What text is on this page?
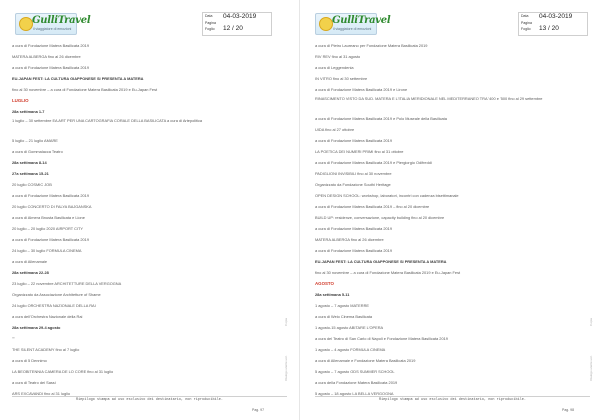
GulliTravel
il viaggiatore di emozioni
Data 04-03-2019
Pagina
Foglio 12 / 20
a cura di Fondazione Matera Basilicata 2019
MATERA ALBERGA fino al 26 dicembre
a cura di Fondazione Matera Basilicata 2019
EU-JAPAN FEST: LA CULTURA GIAPPONESE SI PRESENTA A MATERA
fino al 30 novembre – a cura di Fondazione Matera Basilicata 2019 e Eu-Japan Fest
LUGLIO
28a settimana 1-7
1 luglio – 30 settembre EA ART PER UNA CARTOGRAFIA CORALE DELLA BASILICATA a cura di Artepolitica
5 luglio – 21 luglio AMARE
a cura di Gommalacca Teatro
28a settimana 8-14
27a settimana 15-21
20 luglio COSMIC JOB
a cura di Fondazione Matera Basilicata 2019
20 luglio CONCERTO DI FALYA BAJGANSKA
a cura di Almera Bnusta Basilicata e Lione
20 luglio – 20 luglio 2020 AIRPORT CITY
a cura di Fondazione Matera Basilicata 2019
24 luglio – 30 luglio FORMULA CINEMA
a cura di Allenamaie
28a settimana 22-28
23 luglio – 22 novembre ARCHITETTURE DELLA VERGOGNA
Organizzato da Associazione Architetture of Shame
24 luglio ORCHESTRA NAZIONALE DELLA RAI
a cura dell'Orchestra Nazionale della Rai
28a settimana 29-4 agosto
""
THE SILENT ACADEMY fino al 7 luglio
a cura di 5 Dennimo
LA BEOBITENNIA CAMERA DE LO CORE fino al 31 luglio
a cura di Teatro dei Sassi
ARS EXCAVANDI fino al 31 luglio
Dialogo utente ucc.
Copia
Riepilogo stampa ad uso esclusivo dei destinatario, non riproducibile.
Pag. 97
GulliTravel
il viaggiatore di emozioni
Data 04-03-2019
Pagina
Foglio 13 / 20
a cura di Pietro Laureano per Fondazione Matera Basilicata 2019
RIV REV fino al 31 agosto
a cura di Leggendenia
IN VITRO fino al 30 settembre
a cura di Fondazione Matera Basilicata 2019 e Lirone
RINASCIMENTO VISTO DA SUD. MATERA E L'ITALIA MERIDIONALE NEL MEDITERRANEO TRA '400 e '500 fino al 29 settembre
a cura di Fondazione Matera Basilicata 2019 e Polo Museale della Basilicata
UIDA fino al 27 ottobre
a cura di Fondazione Matera Basilicata 2019
LA POETICA DEI NUMERI PRIMI fino al 31 ottobre
a cura di Fondazione Matera Basilicata 2019 e Piergiorgio Odifreddi
PADIGLIONI INVISIBILI fino al 30 novembre
Organizzato da Fondazione Southi Heritage
OPEN DESIGN SCHOOL: workshop, laboratori, incontri con cadenza bisettimanale
a cura di Fondazione Matera Basilicata 2019 – fino al 20 dicembre
BUILD UP: residenze, conversazione, capacity building fino al 20 dicembre
a cura di Fondazione Matera Basilicata 2019
MATERA ALBERGA fino al 26 dicembre
a cura di Fondazione Matera Basilicata 2019
EU-JAPAN FEST: LA CULTURA GIAPPONESE SI PRESENTA A MATERA
fino al 30 novembre – a cura di Fondazione Matera Basilicata 2019 e Eu-Japan Fest
AGOSTO
28a settimana 5-11
1 agosto – 7 agosto MATERRE
a cura di Weio Cinema Basilicata
1 agosto-15 agosto ABITARE L'OPERA
a cura del Teatro di San Carlo di Napoli e Fondazione Matera Basilicata 2019
1 agosto – 4 agosto FORMULA CINEMA
a cura di Allenamaie e Fondazione Matera Basilicata 2019
5 agosto – 7 agosto ODS SUMMER SCHOOL
a cura della Fondazione Matera Basilicata 2019
5 agosto – 18 agosto LA BELLA VERGOGNA
Dialogo utente ucc.
Copia
Riepilogo stampa ad uso esclusivo dei destinatario, non riproducibile.
Pag. 98
